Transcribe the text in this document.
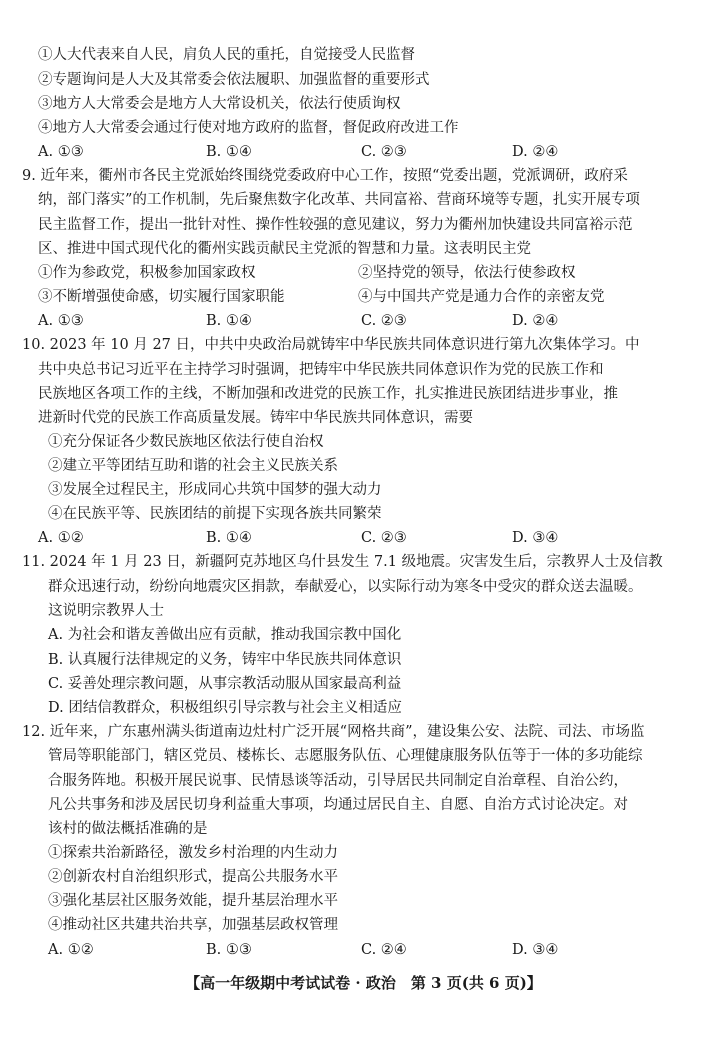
①人大代表来自人民，肩负人民的重托，自觉接受人民监督
②专题询问是人大及其常委会依法履职、加强监督的重要形式
③地方人大常委会是地方人大常设机关，依法行使质询权
④地方人大常委会通过行使对地方政府的监督，督促政府改进工作
A. ①③	B. ①④	C. ②③	D. ②④
9. 近年来，衢州市各民主党派始终围绕党委政府中心工作，按照“党委出题，党派调研，政府采
纳，部门落实”的工作机制，先后聚焦数字化改革、共同富裕、营商环境等专题，扎实开展专项
民主监督工作，提出一批针对性、操作性较强的意见建议，努力为衢州加快建设共同富裕示范
区、推进中国式现代化的衢州实践贡献民主党派的智慧和力量。这表明民主党
①作为参政党，积极参加国家政权	②坚持党的领导，依法行使参政权
③不断增强使命感，切实履行国家职能	④与中国共产党是通力合作的亲密友党
A. ①③	B. ①④	C. ②③	D. ②④
10. 2023 年 10 月 27 日，中共中央政治局就铸牢中华民族共同体意识进行第九次集体学习。中
共中央总书记习近平在主持学习时强调，把铸牢中华民族共同体意识作为党的民族工作和
民族地区各项工作的主线，不断加强和改进党的民族工作，扎实推进民族团结进步事业，推
进新时代党的民族工作高质量发展。铸牢中华民族共同体意识，需要
①充分保证各少数民族地区依法行使自治权
②建立平等团结互助和谐的社会主义民族关系
③发展全过程民主，形成同心共筑中国梦的强大动力
④在民族平等、民族团结的前提下实现各族共同繁荣
A. ①②	B. ①④	C. ②③	D. ③④
11. 2024 年 1 月 23 日，新疆阿克苏地区乌什县发生 7.1 级地震。灾害发生后，宗教界人士及信教
群众迅速行动，纷纷向地震灾区捐款，奉献爱心，以实际行动为寒冬中受灾的群众送去温暖。
这说明宗教界人士
A. 为社会和谐友善做出应有贡献，推动我国宗教中国化
B. 认真履行法律规定的义务，铸牢中华民族共同体意识
C. 妥善处理宗教问题，从事宗教活动服从国家最高利益
D. 团结信教群众，积极组织引导宗教与社会主义相适应
12. 近年来，广东惠州满头街道南边灶村广泛开展“网格共商”，建设集公安、法院、司法、市场监
管局等职能部门，辖区党员、楼栋长、志愿服务队伍、心理健康服务队伍等于一体的多功能综
合服务阵地。积极开展民说事、民情恳谈等活动，引导居民共同制定自治章程、自治公约，
凡公共事务和涉及居民切身利益重大事项，均通过居民自主、自愿、自治方式讨论决定。对
该村的做法概括准确的是
①探索共治新路径，激发乡村治理的内生动力
②创新农村自治组织形式，提高公共服务水平
③强化基层社区服务效能，提升基层治理水平
④推动社区共建共治共享，加强基层政权管理
A. ①②	B. ①③	C. ②④	D. ③④
【高一年级期中考试试卷 · 政治　第 3 页(共 6 页)】
